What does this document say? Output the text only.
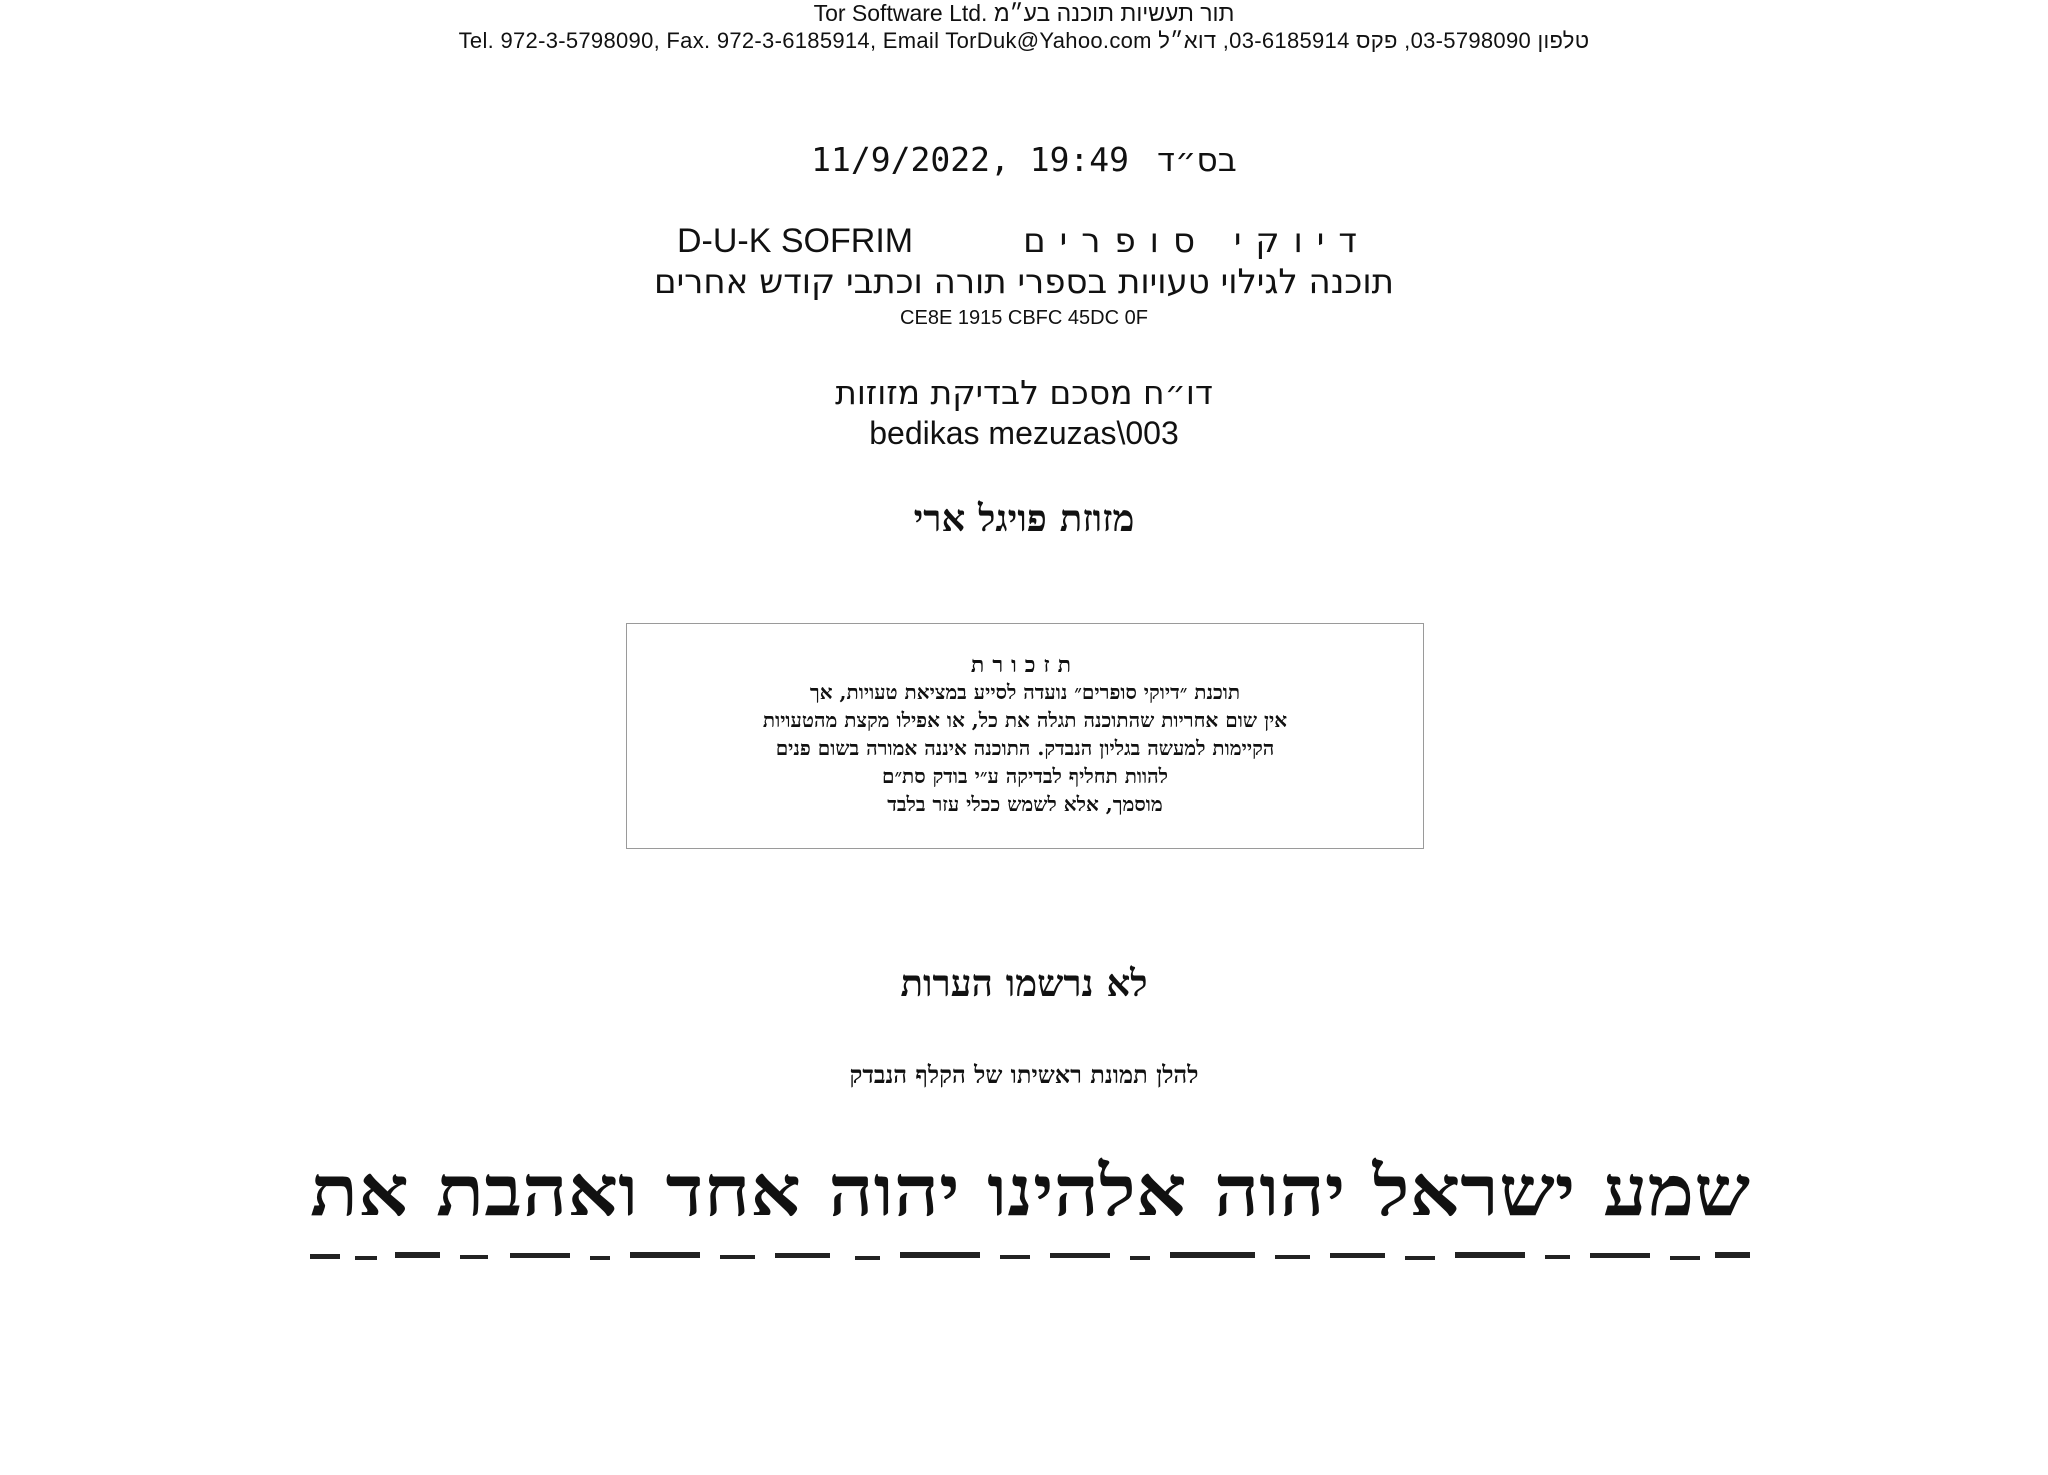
Tor Software Ltd. תור תעשיות תוכנה בע״מ
Tel. 972-3-5798090, Fax. 972-3-6185914, Email TorDuk@Yahoo.com טלפון 03-5798090, פקס 03-6185914, דוא״ל
11/9/2022, 19:49 בס״ד
D-U-K SOFRIM	דיוקי סופרים
תוכנה לגילוי טעויות בספרי תורה וכתבי קודש אחרים
CE8E 1915 CBFC 45DC 0F
דו״ח מסכם לבדיקת מזוזות
bedikas mezuzas\003
מזוזת פויגל ארי
תזכורת
תוכנת ״דיוקי סופרים״ נועדה לסייע במציאת טעויות, אך
אין שום אחריות שהתוכנה תגלה את כל, או אפילו מקצת מהטעויות
הקיימות למעשה בגליון הנבדק. התוכנה איננה אמורה בשום פנים
להוות תחליף לבדיקה ע״י בודק סת״ם
מוסמך, אלא לשמש ככלי עזר בלבד
לא נרשמו הערות
להלן תמונת ראשיתו של הקלף הנבדק
שמע ישראל יהוה אלהינו יהוה אחד ואהבת את
